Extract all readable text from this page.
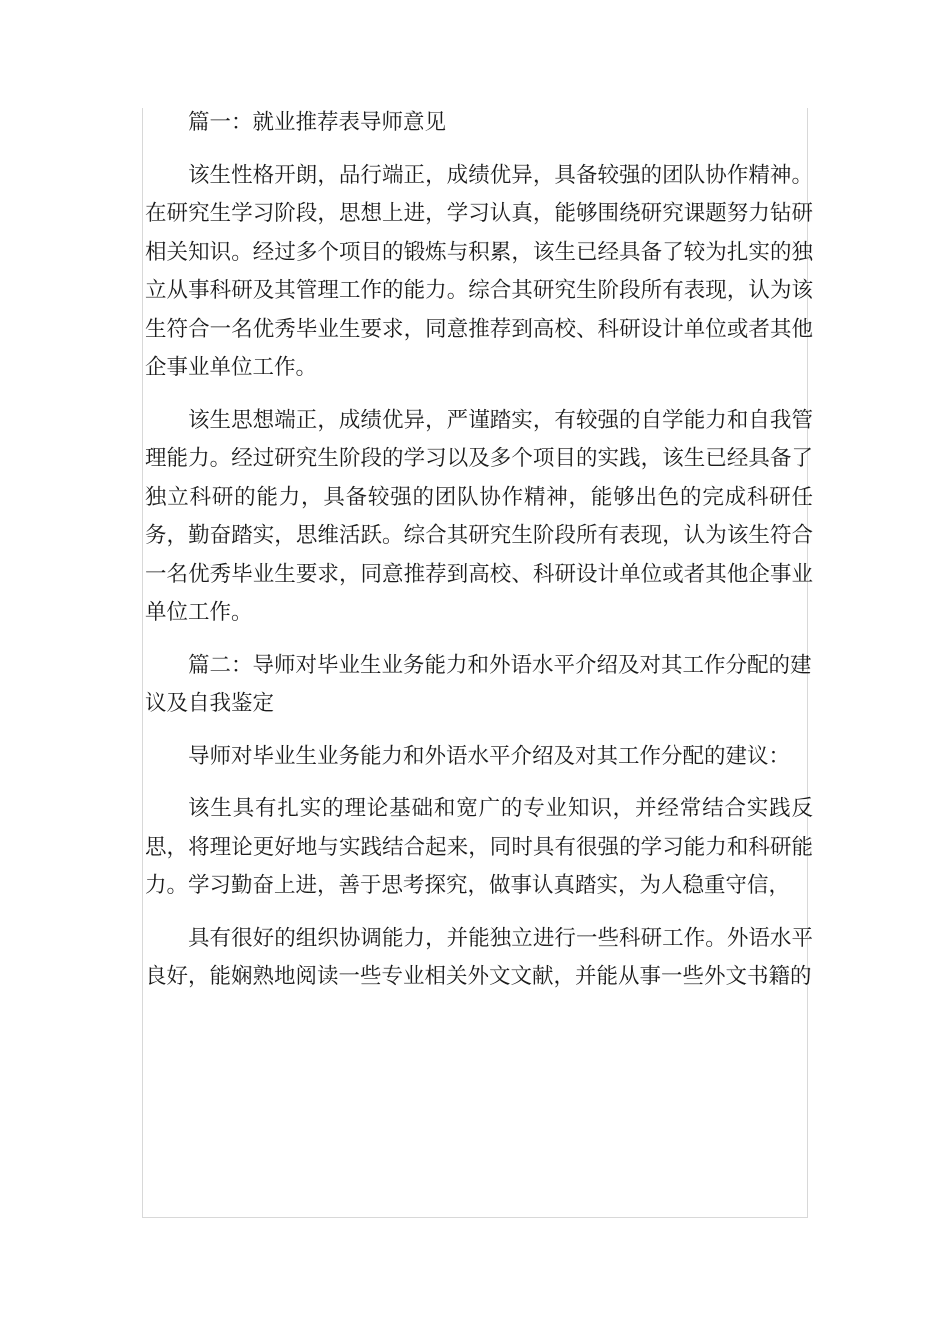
篇一：就业推荐表导师意见

该生性格开朗，品行端正，成绩优异，具备较强的团队协作精神。在研究生学习阶段，思想上进，学习认真，能够围绕研究课题努力钻研相关知识。经过多个项目的锻炼与积累，该生已经具备了较为扎实的独立从事科研及其管理工作的能力。综合其研究生阶段所有表现，认为该生符合一名优秀毕业生要求，同意推荐到高校、科研设计单位或者其他企事业单位工作。

该生思想端正，成绩优异，严谨踏实，有较强的自学能力和自我管理能力。经过研究生阶段的学习以及多个项目的实践，该生已经具备了独立科研的能力，具备较强的团队协作精神，能够出色的完成科研任务，勤奋踏实，思维活跃。综合其研究生阶段所有表现，认为该生符合一名优秀毕业生要求，同意推荐到高校、科研设计单位或者其他企事业单位工作。

篇二：导师对毕业生业务能力和外语水平介绍及对其工作分配的建议及自我鉴定

导师对毕业生业务能力和外语水平介绍及对其工作分配的建议：

该生具有扎实的理论基础和宽广的专业知识，并经常结合实践反思，将理论更好地与实践结合起来，同时具有很强的学习能力和科研能力。学习勤奋上进，善于思考探究，做事认真踏实，为人稳重守信，

具有很好的组织协调能力，并能独立进行一些科研工作。外语水平良好，能娴熟地阅读一些专业相关外文文献，并能从事一些外文书籍的
